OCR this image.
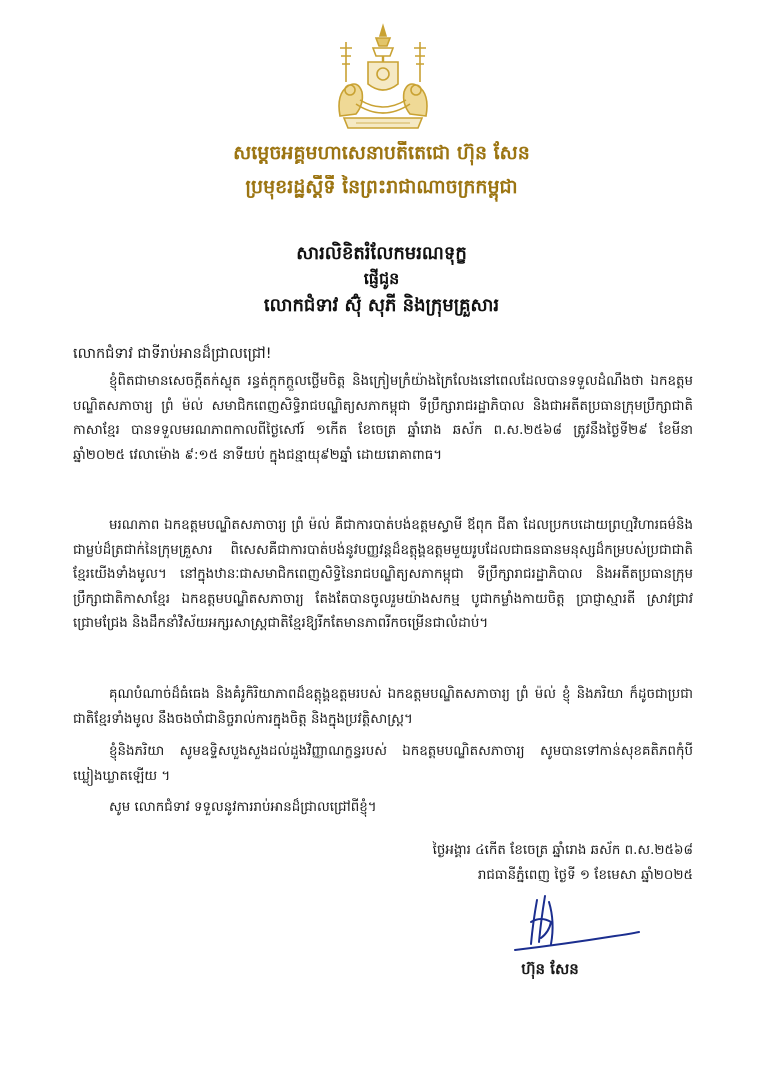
សម្តេចអគ្គមហាសេនាបតីតេជោ ហ៊ុន សែន
ប្រមុខរដ្ឋស្តីទី នៃព្រះរាជាណាចក្រកម្ពុជា
សារលិខិតរំលែកមរណទុក្ខ
ផ្ញើជូន
លោកជំទាវ ស៊ុំ សុភី និងក្រុមគ្រួសារ
លោកជំទាវ ជាទីរាប់អានដ៏ជ្រាលជ្រៅ!
ខ្ញុំពិតជាមានសេចក្តីតក់ស្លុត រន្ធត់ក្តុកក្តួលថ្លើមចិត្ត និងក្រៀមក្រំយ៉ាងក្រៃលែងនៅពេលដែលបានទទួលដំណឹងថា ឯកឧត្តមបណ្ឌិតសភាចារ្យ ព្រំ ម៉ល់ សមាជិកពេញសិទ្ធិរាជបណ្ឌិត្យសភាកម្ពុជា ទីប្រឹក្សារាជរដ្ឋាភិបាល និងជាអតីតប្រធានក្រុមប្រឹក្សាជាតិកាសាខ្មែរ បានទទួលមរណភាពកាលពីថ្ងៃសៅរ៍ ១កើត ខែចេត្រ ឆ្នាំរោង ឆស័ក ព.ស.២៥៦៨ ត្រូវនឹងថ្ងៃទី២៩ ខែមីនា ឆ្នាំ២០២៥ វេលាម៉ោង ៩:១៥ នាទីយប់ ក្នុងជន្មាយុ៩២ឆ្នាំ ដោយរោគាពាធ។
មរណភាព ឯកឧត្តមបណ្ឌិតសភាចារ្យ ព្រំ ម៉ល់ គឺជាការបាត់បង់ឧត្តមស្វាមី ឪពុក ជីតា ដែលប្រកបដោយព្រហ្មវិហារធម៌និងជាម្លប់ដ៏ត្រជាក់នៃក្រុមគ្រួសារ ពិសេសគឺជាការបាត់បង់នូវបញ្ញវន្តដ៏ឧត្តុង្គឧត្តមមួយរូបដែលជាធនធានមនុស្សដ៏កម្របស់ប្រជាជាតិខ្មែរយើងទាំងមូល។ នៅក្នុងឋានៈជាសមាជិកពេញសិទ្ធិនៃរាជបណ្ឌិត្យសភាកម្ពុជា ទីប្រឹក្សារាជរដ្ឋាភិបាល និងអតីតប្រធានក្រុមប្រឹក្សាជាតិកាសាខ្មែរ ឯកឧត្តមបណ្ឌិតសភាចារ្យ តែងតែបានចូលរួមយ៉ាងសកម្ម បូជាកម្លាំងកាយចិត្ត ប្រាជ្ញាស្មារតី ស្រាវជ្រាវ ជ្រោមជ្រែង និងដឹកនាំវិស័យអក្សរសាស្ត្រជាតិខ្មែរឱ្យរីកតែមានភាពរីកចម្រើនជាលំដាប់។
គុណបំណាច់ដ៏ធំធេង និងគំរូកិរិយាភាពដ៏ឧត្តុង្គឧត្តមរបស់ ឯកឧត្តមបណ្ឌិតសភាចារ្យ ព្រំ ម៉ល់ ខ្ញុំ និងភរិយា ក៏ដូចជាប្រជាជាតិខ្មែរទាំងមូល នឹងចងចាំជានិច្ចរាល់ការក្នុងចិត្ត និងក្នុងប្រវត្តិសាស្ត្រ។
ខ្ញុំនិងភរិយា សូមឧទ្ទិសបួងសួងដល់ដួងវិញ្ញាណក្ខន្ធរបស់ ឯកឧត្តមបណ្ឌិតសភាចារ្យ សូមបានទៅកាន់សុខគតិភពកុំបីឃ្លៀងឃ្លាតឡើយ ។
សូម លោកជំទាវ ទទួលនូវការរាប់អានដ៏ជ្រាលជ្រៅពីខ្ញុំ។
ថ្ងៃអង្គារ ៤កើត ខែចេត្រ ឆ្នាំរោង ឆស័ក ព.ស.២៥៦៨
រាជធានីភ្នំពេញ ថ្ងៃទី ១ ខែមេសា ឆ្នាំ២០២៥
ហ៊ុន សែន
